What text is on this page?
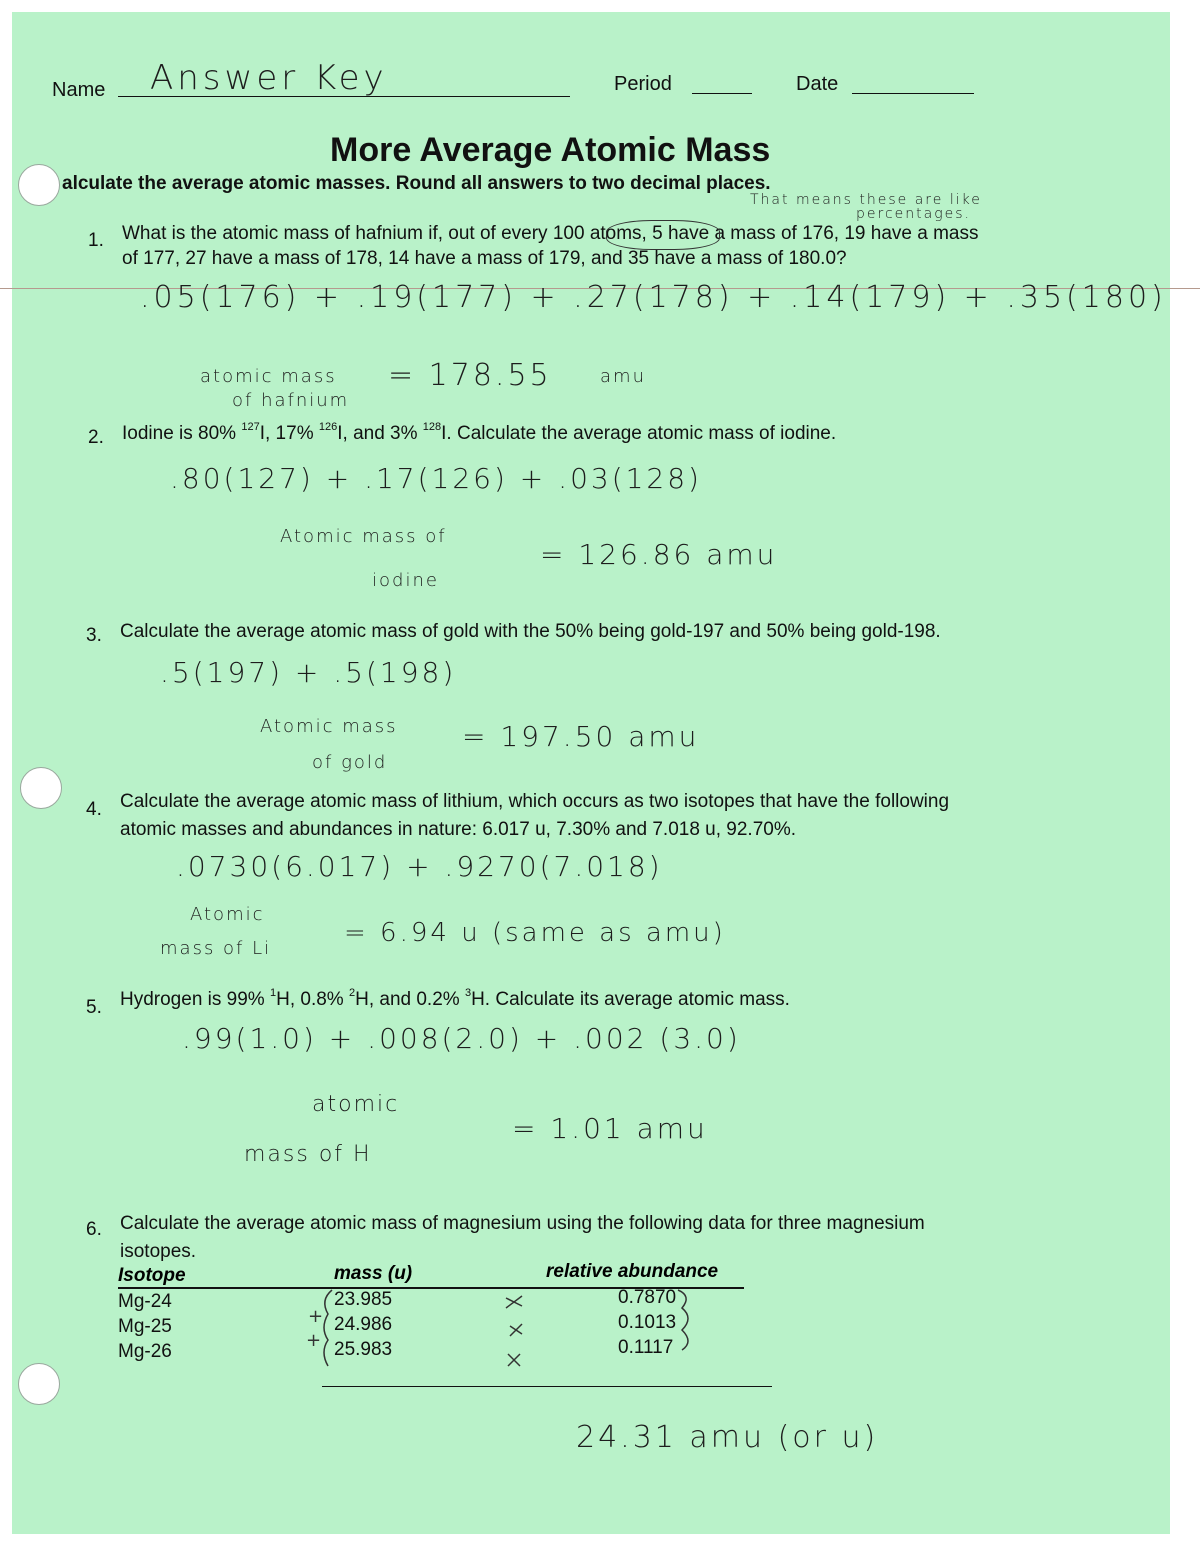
Name Answer Key	Period	Date
More Average Atomic Mass
alculate the average atomic masses. Round all answers to two decimal places.
That means these are like
percentages.
1. What is the atomic mass of hafnium if, out of every 100 atoms, 5 have a mass of 176, 19 have a mass
of 177, 27 have a mass of 178, 14 have a mass of 179, and 35 have a mass of 180.0?
.05(176) + .19(177) + .27(178) + .14(179) + .35(180)
atomic mass
of hafnium
= 178.55	amu
2. Iodine is 80% $^{127}$I, 17% $^{126}$I, and 3% $^{128}$I. Calculate the average atomic mass of iodine.
.80(127) + .17(126) + .03(128)
Atomic mass of
iodine
= 126.86 amu
3. Calculate the average atomic mass of gold with the 50% being gold-197 and 50% being gold-198.
.5(197) + .5(198)
Atomic mass
of gold
= 197.50 amu
4. Calculate the average atomic mass of lithium, which occurs as two isotopes that have the following
atomic masses and abundances in nature: 6.017 u, 7.30% and 7.018 u, 92.70%.
.0730(6.017) + .9270(7.018)
Atomic
mass of Li
= 6.94 u (same as amu)
5. Hydrogen is 99% $^1$H, 0.8% $^2$H, and 0.2% $^3$H. Calculate its average atomic mass.
.99(1.0) + .008(2.0) + .002 (3.0)
atomic
mass of H
= 1.01 amu
6. Calculate the average atomic mass of magnesium using the following data for three magnesium
isotopes.
Isotope	mass (u)	relative abundance
Mg-24	23.985	0.7870
Mg-25	24.986	0.1013
Mg-26	25.983	0.1117
+
+
24.31 amu (or u)
